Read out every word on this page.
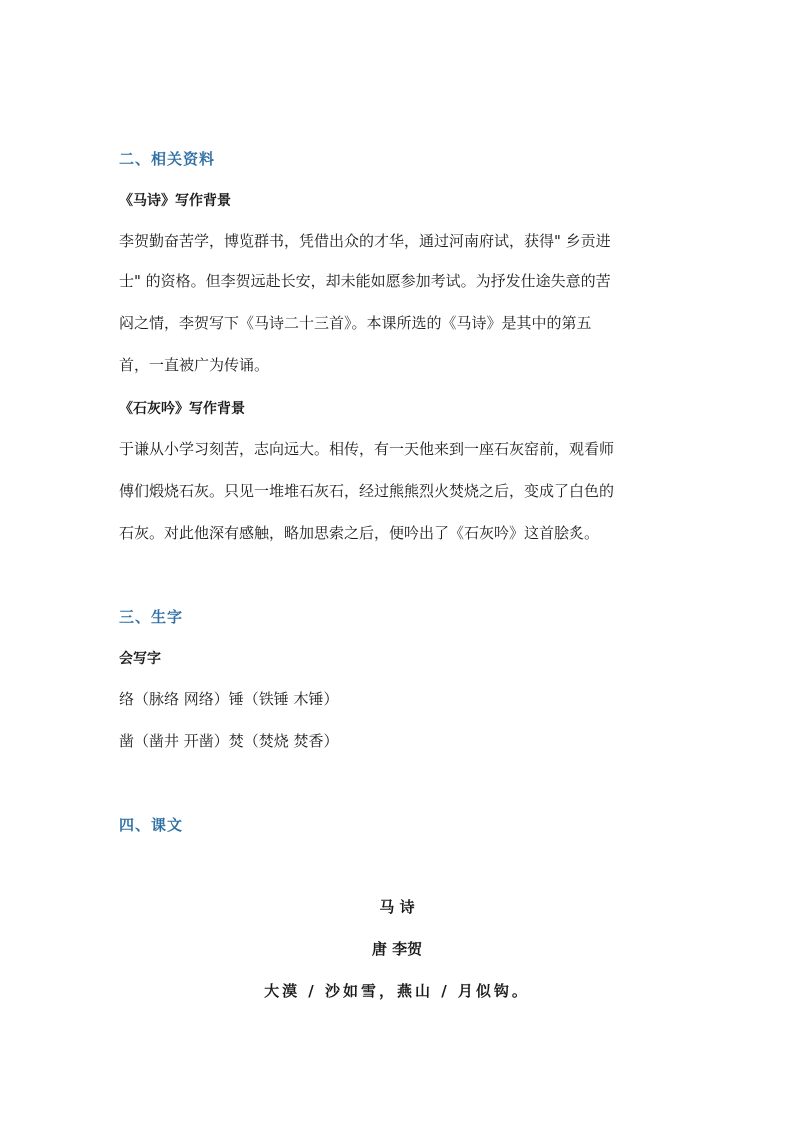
二、相关资料
《马诗》写作背景
李贺勤奋苦学，博览群书，凭借出众的才华，通过河南府试，获得" 乡贡进
士" 的资格。但李贺远赴长安，却未能如愿参加考试。为抒发仕途失意的苦
闷之情，李贺写下《马诗二十三首》。本课所选的《马诗》是其中的第五
首，一直被广为传诵。
《石灰吟》写作背景
于谦从小学习刻苦，志向远大。相传，有一天他来到一座石灰窑前，观看师
傅们煅烧石灰。只见一堆堆石灰石，经过熊熊烈火焚烧之后，变成了白色的
石灰。对此他深有感触，略加思索之后，便吟出了《石灰吟》这首脍炙。
三、生字
会写字
络（脉络 网络）锤（铁锤 木锤）
凿（凿井 开凿）焚（焚烧 焚香）
四、课文
马 诗
唐 李贺
大漠 / 沙如雪，燕山 / 月似钩。
